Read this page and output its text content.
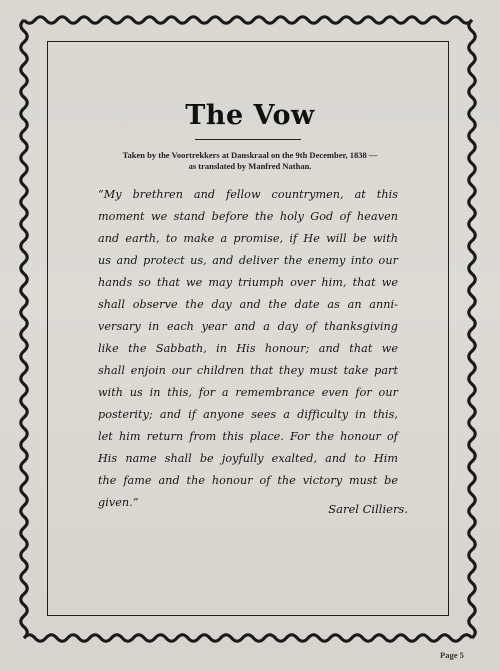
The Vow
Taken by the Voortrekkers at Danskraal on the 9th December, 1838 —
as translated by Manfred Nathan.
“My brethren and fellow countrymen, at this
moment we stand before the holy God of heaven
and earth, to make a promise, if He will be with
us and protect us, and deliver the enemy into our
hands so that we may triumph over him, that we
shall observe the day and the date as an anni-
versary in each year and a day of thanksgiving
like the Sabbath, in His honour; and that we
shall enjoin our children that they must take part
with us in this, for a remembrance even for our
posterity; and if anyone sees a difficulty in this,
let him return from this place. For the honour of
His name shall be joyfully exalted, and to Him
the fame and the honour of the victory must be
given.”	Sarel Cilliers.
Page 5
